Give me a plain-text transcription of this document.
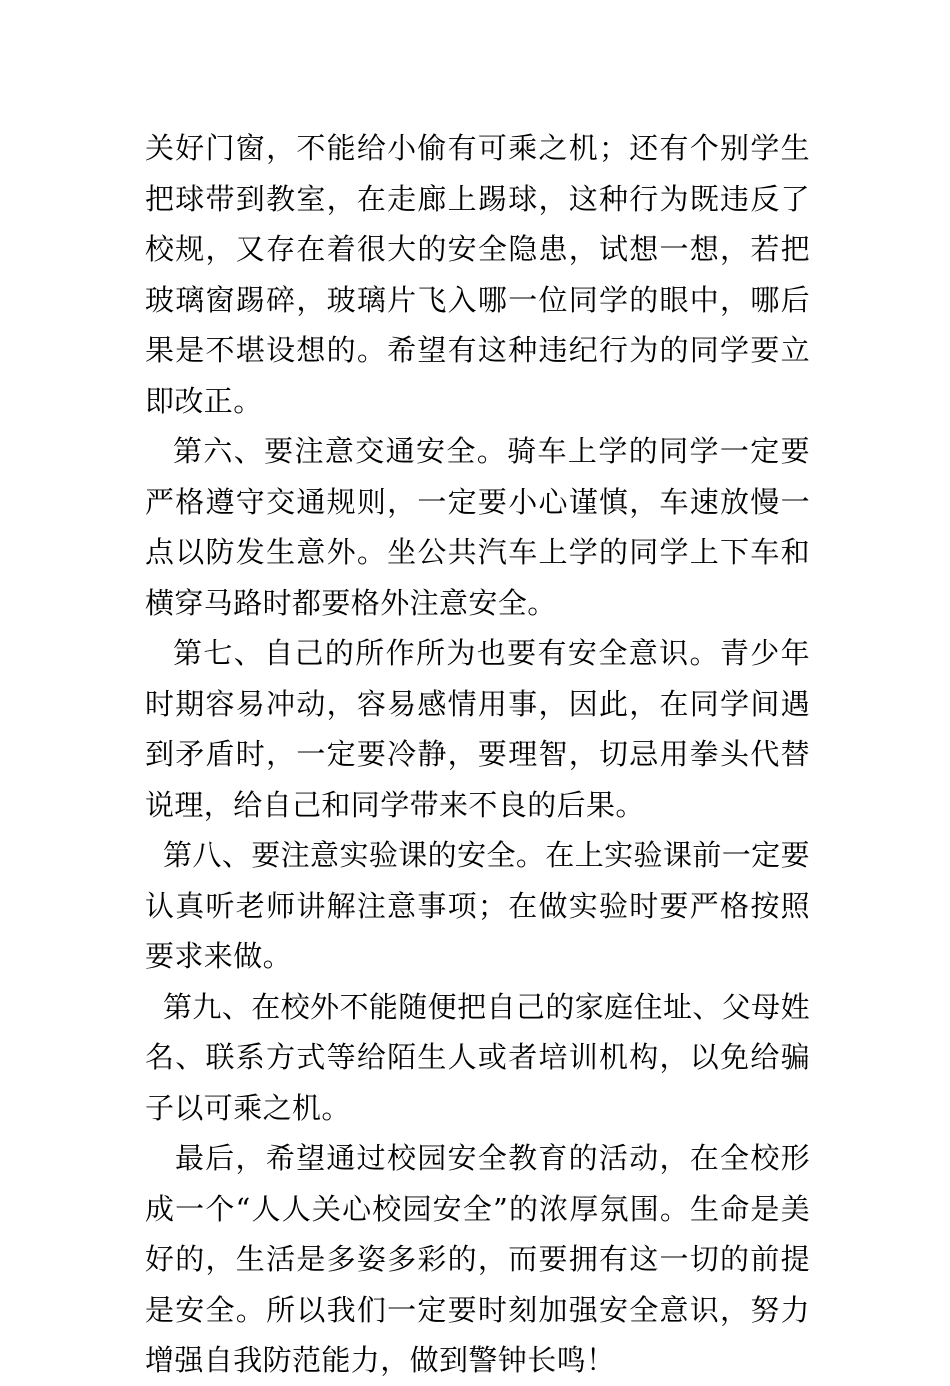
关好门窗，不能给小偷有可乘之机；还有个别学生把球带到教室，在走廊上踢球，这种行为既违反了校规，又存在着很大的安全隐患，试想一想，若把玻璃窗踢碎，玻璃片飞入哪一位同学的眼中，哪后果是不堪设想的。希望有这种违纪行为的同学要立即改正。

第六、要注意交通安全。骑车上学的同学一定要严格遵守交通规则，一定要小心谨慎，车速放慢一点以防发生意外。坐公共汽车上学的同学上下车和横穿马路时都要格外注意安全。

第七、自己的所作所为也要有安全意识。青少年时期容易冲动，容易感情用事，因此，在同学间遇到矛盾时，一定要冷静，要理智，切忌用拳头代替说理，给自己和同学带来不良的后果。

第八、要注意实验课的安全。在上实验课前一定要认真听老师讲解注意事项；在做实验时要严格按照要求来做。

第九、在校外不能随便把自己的家庭住址、父母姓名、联系方式等给陌生人或者培训机构，以免给骗子以可乘之机。

最后，希望通过校园安全教育的活动，在全校形成一个“人人关心校园安全”的浓厚氛围。生命是美好的，生活是多姿多彩的，而要拥有这一切的前提是安全。所以我们一定要时刻加强安全意识，努力增强自我防范能力，做到警钟长鸣！
